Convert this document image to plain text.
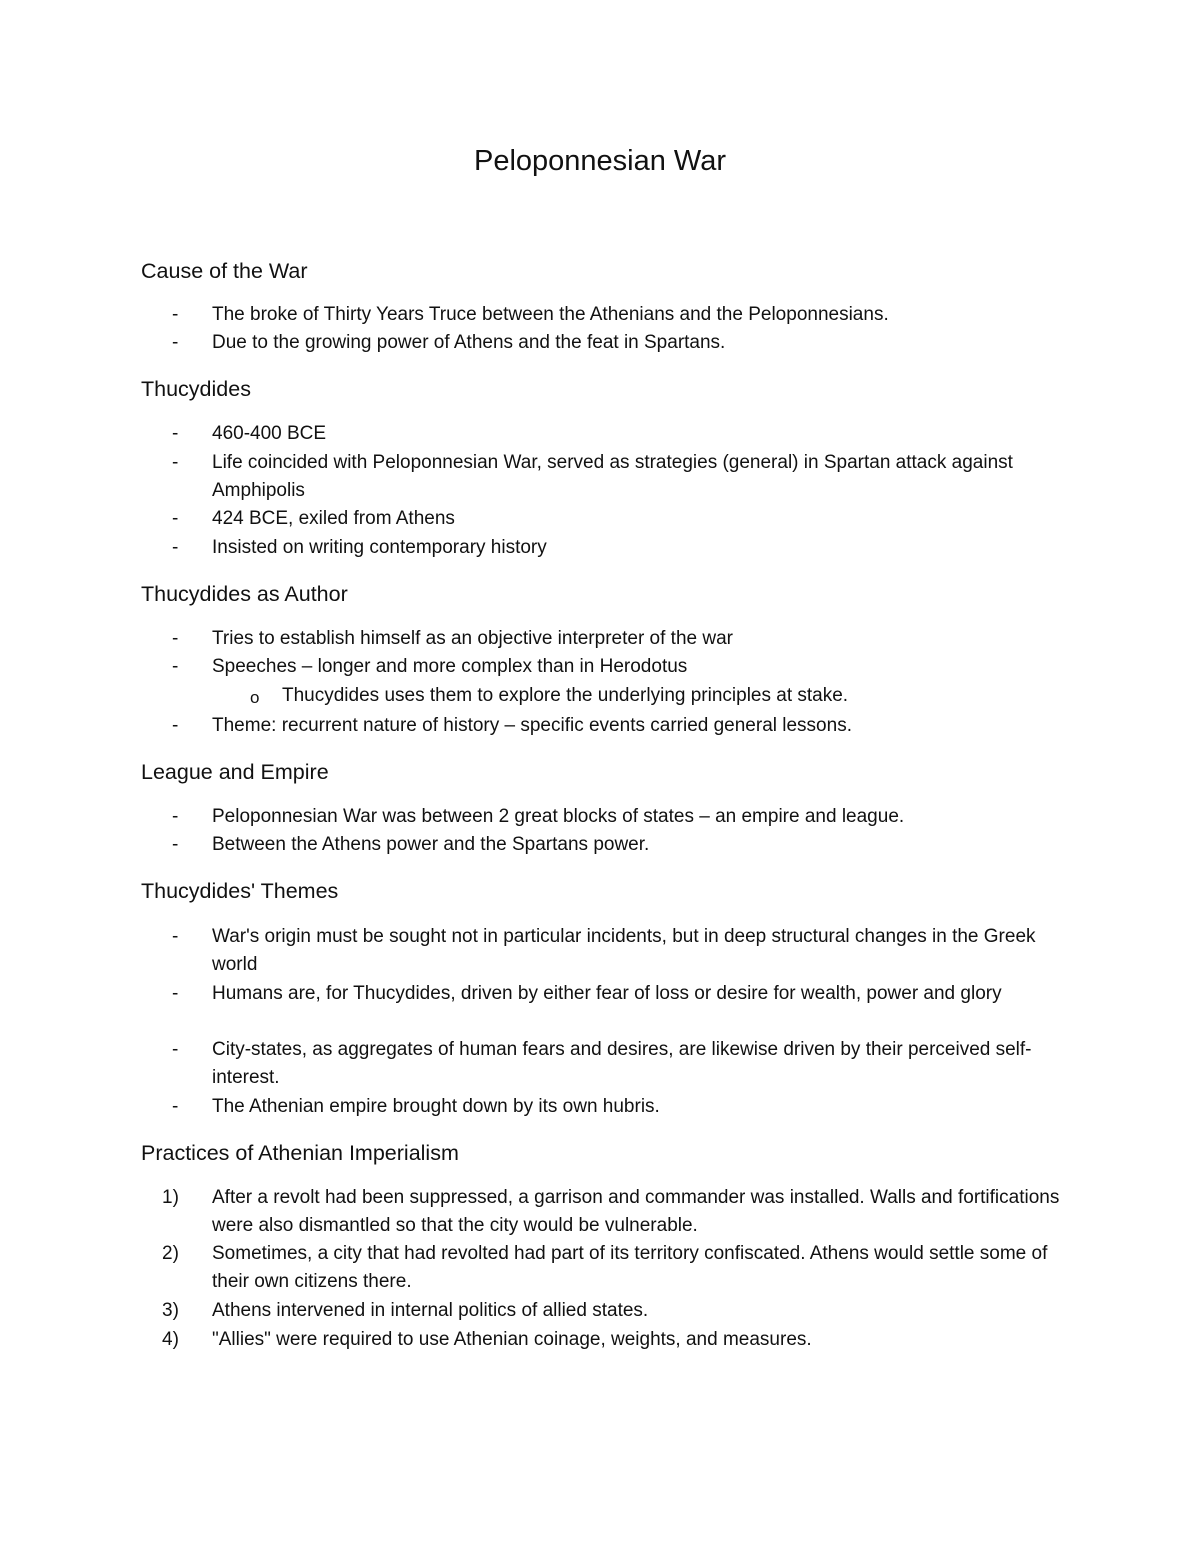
Peloponnesian War
Cause of the War
-	The broke of Thirty Years Truce between the Athenians and the Peloponnesians.
-	Due to the growing power of Athens and the feat in Spartans.
Thucydides
-	460-400 BCE
-	Life coincided with Peloponnesian War, served as strategies (general) in Spartan attack against Amphipolis
-	424 BCE, exiled from Athens
-	Insisted on writing contemporary history
Thucydides as Author
-	Tries to establish himself as an objective interpreter of the war
-	Speeches – longer and more complex than in Herodotus
o	Thucydides uses them to explore the underlying principles at stake.
-	Theme: recurrent nature of history – specific events carried general lessons.
League and Empire
-	Peloponnesian War was between 2 great blocks of states – an empire and league.
-	Between the Athens power and the Spartans power.
Thucydides' Themes
-	War's origin must be sought not in particular incidents, but in deep structural changes in the Greek world
-	Humans are, for Thucydides, driven by either fear of loss or desire for wealth, power and glory
-	City-states, as aggregates of human fears and desires, are likewise driven by their perceived self-interest.
-	The Athenian empire brought down by its own hubris.
Practices of Athenian Imperialism
1)	After a revolt had been suppressed, a garrison and commander was installed. Walls and fortifications were also dismantled so that the city would be vulnerable.
2)	Sometimes, a city that had revolted had part of its territory confiscated. Athens would settle some of their own citizens there.
3)	Athens intervened in internal politics of allied states.
4)	"Allies" were required to use Athenian coinage, weights, and measures.
